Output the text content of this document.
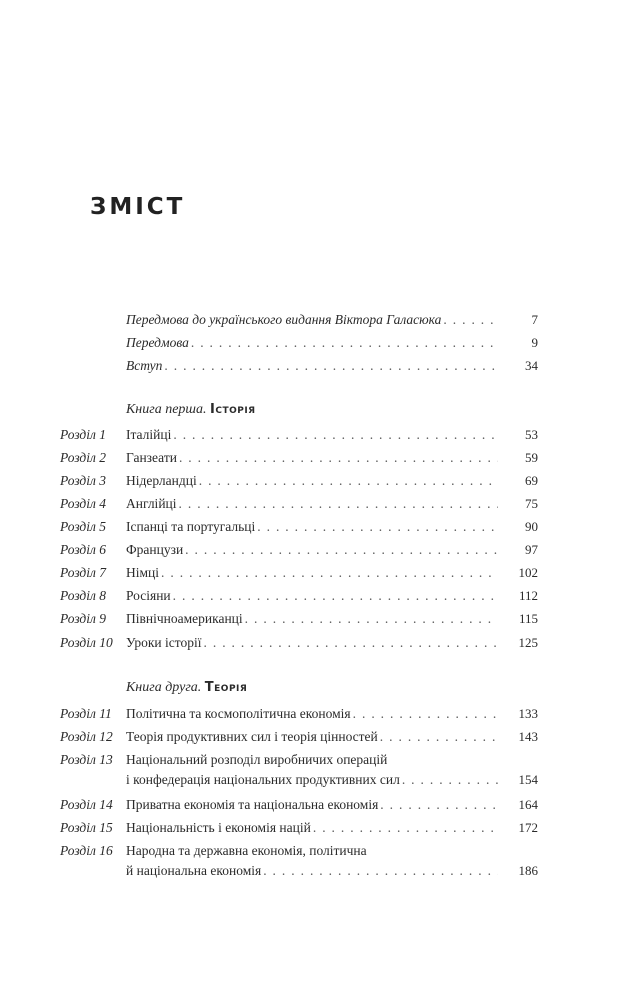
ЗМІСТ
Передмова до українського видання Віктора Галасюка . . .	7
Передмова . . .	9
Вступ . . .	34
Книга перша. Історія
Розділ 1 Італійці . . .	53
Розділ 2 Ганзеати . . .	59
Розділ 3 Нідерландці . . .	69
Розділ 4 Англійці . . .	75
Розділ 5 Іспанці та португальці . . .	90
Розділ 6 Французи . . .	97
Розділ 7 Німці . . .	102
Розділ 8 Росіяни . . .	112
Розділ 9 Північноамериканці . . .	115
Розділ 10 Уроки історії . . .	125
Книга друга. Теорія
Розділ 11 Політична та космополітична економія . . .	133
Розділ 12 Теорія продуктивних сил і теорія цінностей . . .	143
Розділ 13 Національний розподіл виробничих операцій
і конфедерація національних продуктивних сил . . .	154
Розділ 14 Приватна економія та національна економія . . .	164
Розділ 15 Національність і економія націй . . .	172
Розділ 16 Народна та державна економія, політична
й національна економія . . .	186
